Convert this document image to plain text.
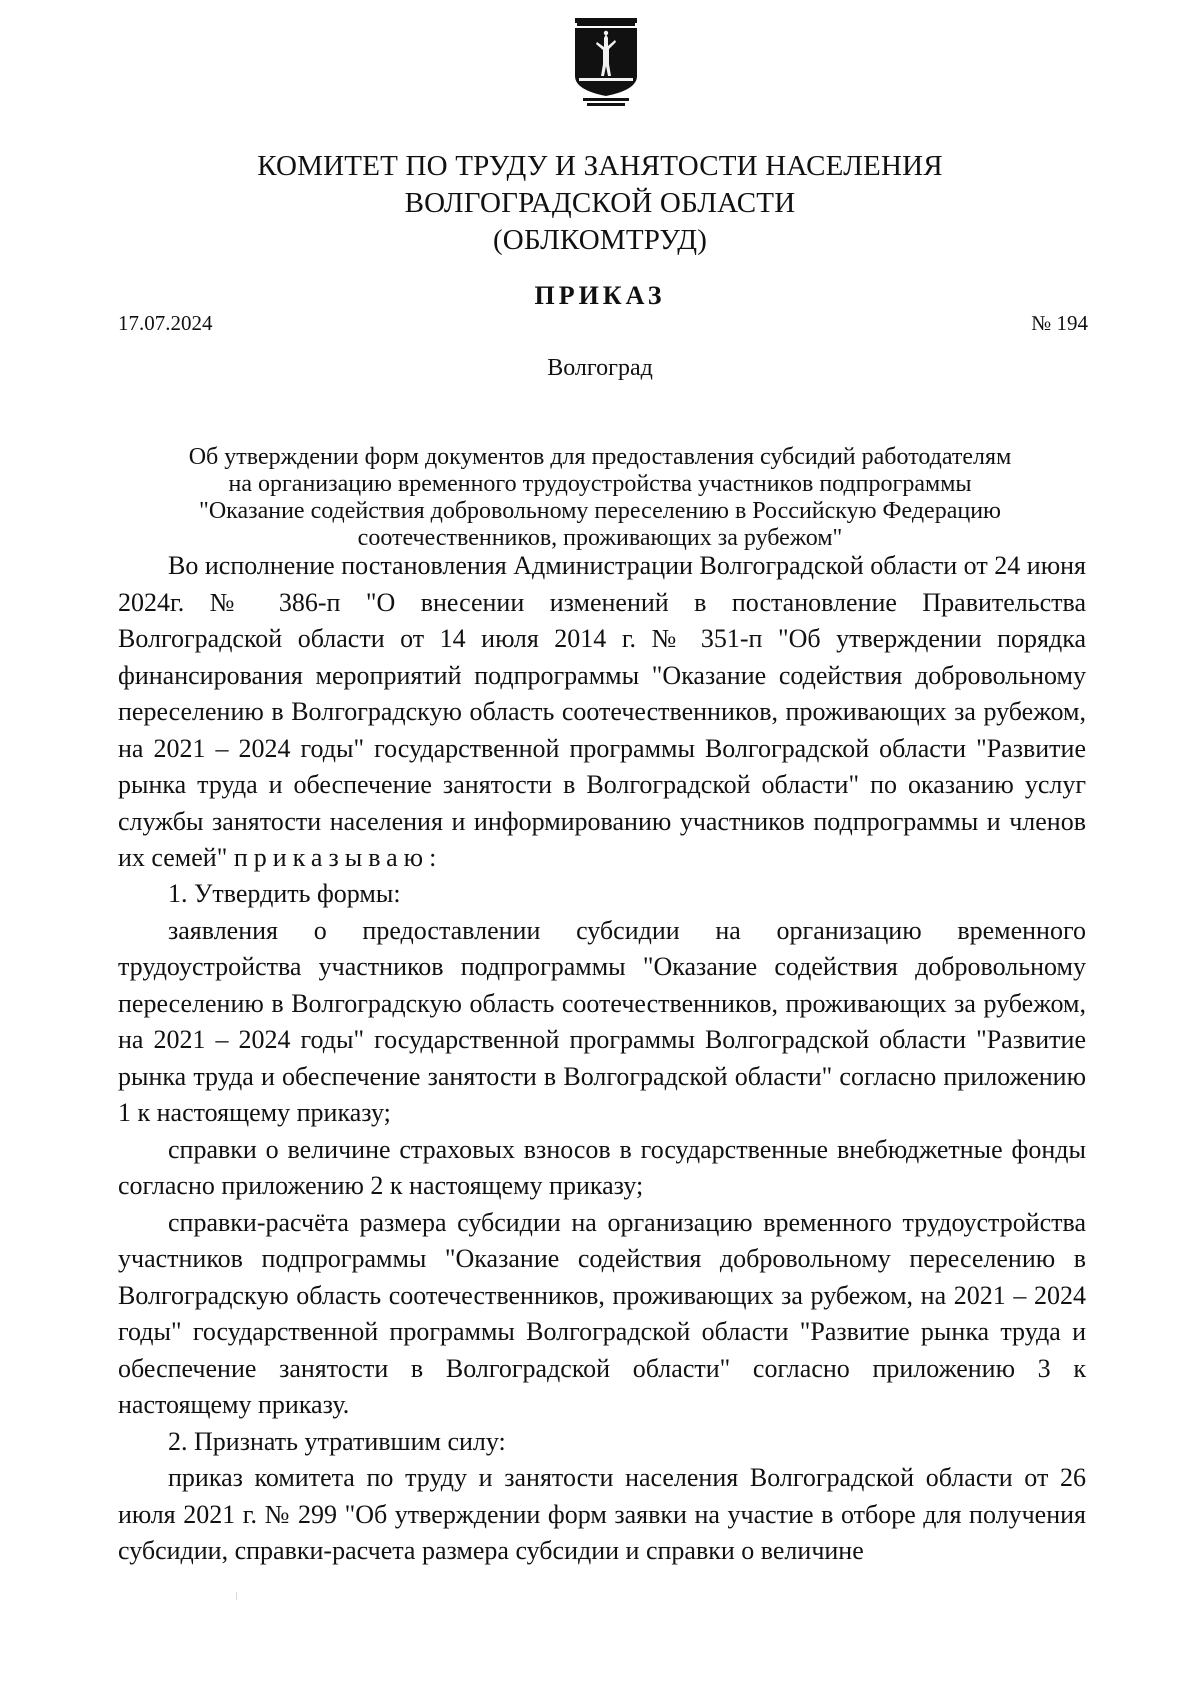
КОМИТЕТ ПО ТРУДУ И ЗАНЯТОСТИ НАСЕЛЕНИЯ
ВОЛГОГРАДСКОЙ ОБЛАСТИ
(ОБЛКОМТРУД)
ПРИКАЗ
17.07.2024	№ 194
Волгоград
Об утверждении форм документов для предоставления субсидий работодателям
на организацию временного трудоустройства участников подпрограммы
"Оказание содействия добровольному переселению в Российскую Федерацию
соотечественников, проживающих за рубежом"

Во исполнение постановления Администрации Волгоградской области от 24 июня 2024г. № 386-п "О внесении изменений в постановление Правительства Волгоградской области от 14 июля 2014 г. № 351-п "Об утверждении порядка финансирования мероприятий подпрограммы "Оказание содействия добровольному переселению в Волгоградскую область соотечественников, проживающих за рубежом, на 2021 – 2024 годы" государственной программы Волгоградской области "Развитие рынка труда и обеспечение занятости в Волгоградской области" по оказанию услуг службы занятости населения и информированию участников подпрограммы и членов их семей" приказываю:

1. Утвердить формы:

заявления о предоставлении субсидии на организацию временного трудоустройства участников подпрограммы "Оказание содействия добровольному переселению в Волгоградскую область соотечественников, проживающих за рубежом, на 2021 – 2024 годы" государственной программы Волгоградской области "Развитие рынка труда и обеспечение занятости в Волгоградской области" согласно приложению 1 к настоящему приказу;

справки о величине страховых взносов в государственные внебюджетные фонды согласно приложению 2 к настоящему приказу;

справки-расчёта размера субсидии на организацию временного трудоустройства участников подпрограммы "Оказание содействия добровольному переселению в Волгоградскую область соотечественников, проживающих за рубежом, на 2021 – 2024 годы" государственной программы Волгоградской области "Развитие рынка труда и обеспечение занятости в Волгоградской области" согласно приложению 3 к настоящему приказу.

2. Признать утратившим силу:

приказ комитета по труду и занятости населения Волгоградской области от 26 июля 2021 г. № 299 "Об утверждении форм заявки на участие в отборе для получения субсидии, справки-расчета размера субсидии и справки о величине
